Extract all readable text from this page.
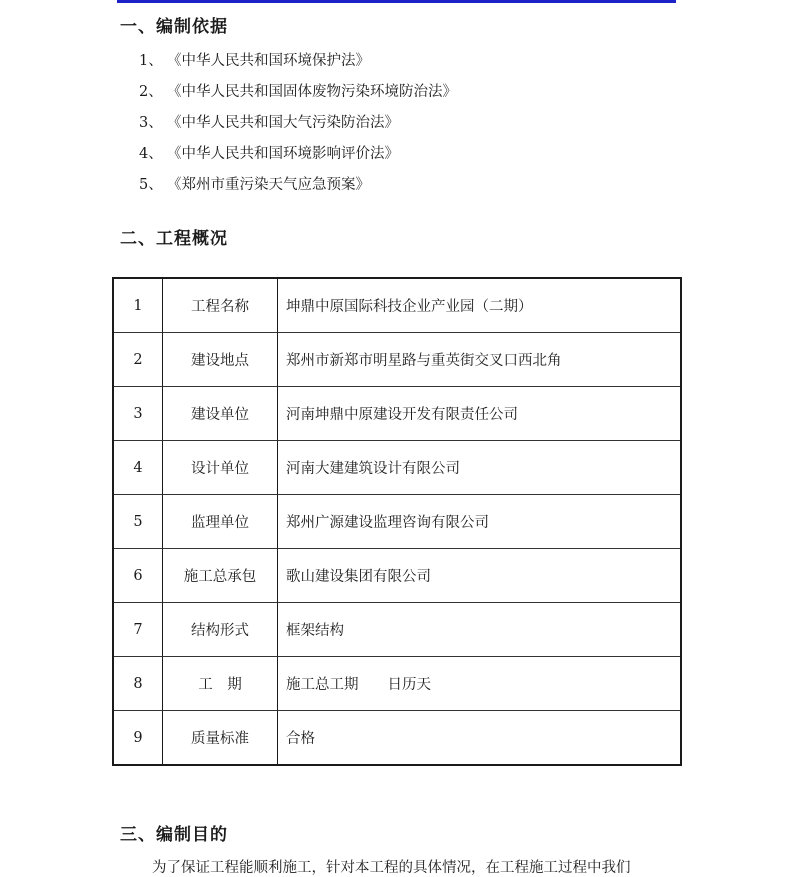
一、编制依据
1、 《中华人民共和国环境保护法》
2、 《中华人民共和国固体废物污染环境防治法》
3、 《中华人民共和国大气污染防治法》
4、 《中华人民共和国环境影响评价法》
5、 《郑州市重污染天气应急预案》
二、工程概况
1	工程名称	坤鼎中原国际科技企业产业园（二期）
2	建设地点	郑州市新郑市明星路与重英街交叉口西北角
3	建设单位	河南坤鼎中原建设开发有限责任公司
4	设计单位	河南大建建筑设计有限公司
5	监理单位	郑州广源建设监理咨询有限公司
6	施工总承包	歌山建设集团有限公司
7	结构形式	框架结构
8	工　期	施工总工期　　日历天
9	质量标准	合格
三、编制目的

为了保证工程能顺利施工，针对本工程的具体情况，在工程施工过程中我们
